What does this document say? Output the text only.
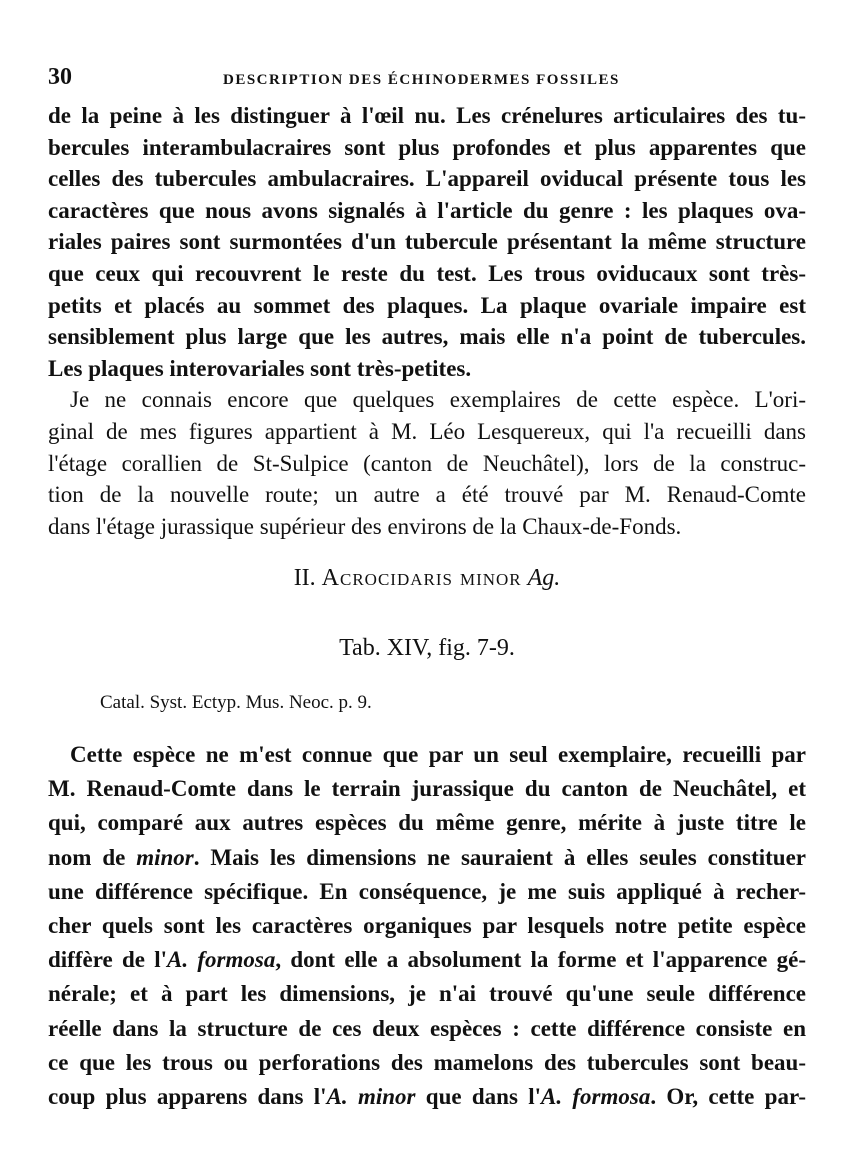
30	DESCRIPTION DES ÉCHINODERMES FOSSILES
de la peine à les distinguer à l'œil nu. Les crénelures articulaires des tu-
bercules interambulacraires sont plus profondes et plus apparentes que
celles des tubercules ambulacraires. L'appareil oviducal présente tous les
caractères que nous avons signalés à l'article du genre : les plaques ova-
riales paires sont surmontées d'un tubercule présentant la même structure
que ceux qui recouvrent le reste du test. Les trous oviducaux sont très-
petits et placés au sommet des plaques. La plaque ovariale impaire est
sensiblement plus large que les autres, mais elle n'a point de tubercules.
Les plaques interovariales sont très-petites.
Je ne connais encore que quelques exemplaires de cette espèce. L'ori-
ginal de mes figures appartient à M. Léo Lesquereux, qui l'a recueilli dans
l'étage corallien de St-Sulpice (canton de Neuchâtel), lors de la construc-
tion de la nouvelle route; un autre a été trouvé par M. Renaud-Comte
dans l'étage jurassique supérieur des environs de la Chaux-de-Fonds.
II. Acrocidaris minor Ag.
Tab. XIV, fig. 7-9.
Catal. Syst. Ectyp. Mus. Neoc. p. 9.
Cette espèce ne m'est connue que par un seul exemplaire, recueilli par
M. Renaud-Comte dans le terrain jurassique du canton de Neuchâtel, et
qui, comparé aux autres espèces du même genre, mérite à juste titre le
nom de minor. Mais les dimensions ne sauraient à elles seules constituer
une différence spécifique. En conséquence, je me suis appliqué à recher-
cher quels sont les caractères organiques par lesquels notre petite espèce
diffère de l'A. formosa, dont elle a absolument la forme et l'apparence gé-
nérale; et à part les dimensions, je n'ai trouvé qu'une seule différence
réelle dans la structure de ces deux espèces : cette différence consiste en
ce que les trous ou perforations des mamelons des tubercules sont beau-
coup plus apparens dans l'A. minor que dans l'A. formosa. Or, cette par-
